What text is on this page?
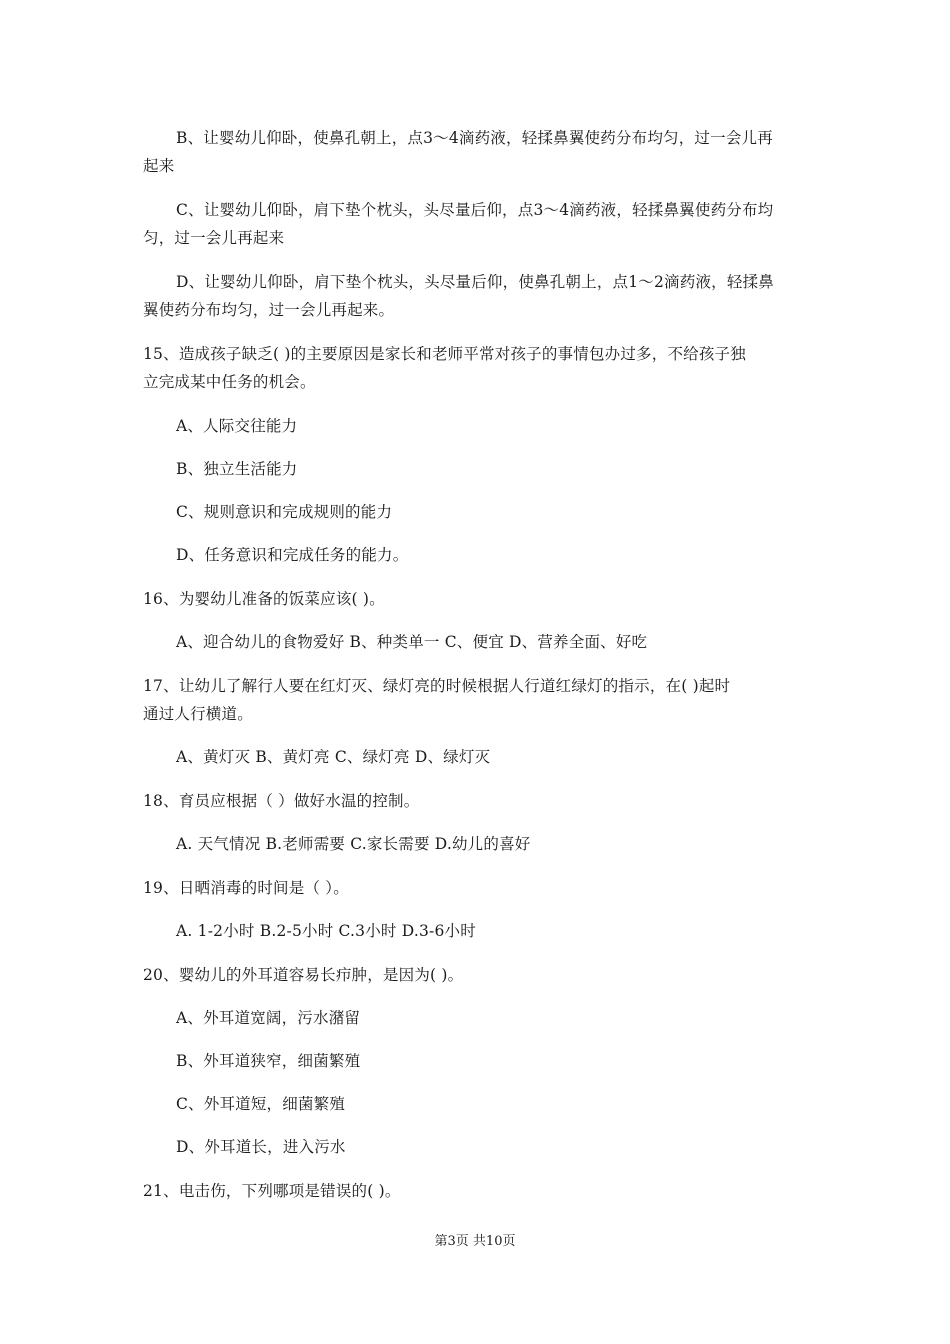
B、让婴幼儿仰卧，使鼻孔朝上，点3～4滴药液，轻揉鼻翼使药分布均匀，过一会儿再
起来
C、让婴幼儿仰卧，肩下垫个枕头，头尽量后仰，点3～4滴药液，轻揉鼻翼使药分布均
匀，过一会儿再起来
D、让婴幼儿仰卧，肩下垫个枕头，头尽量后仰，使鼻孔朝上，点1～2滴药液，轻揉鼻
翼使药分布均匀，过一会儿再起来。
15、造成孩子缺乏( )的主要原因是家长和老师平常对孩子的事情包办过多，不给孩子独
立完成某中任务的机会。
A、人际交往能力
B、独立生活能力
C、规则意识和完成规则的能力
D、任务意识和完成任务的能力。
16、为婴幼儿准备的饭菜应该( )。
A、迎合幼儿的食物爱好 B、种类单一 C、便宜 D、营养全面、好吃
17、让幼儿了解行人要在红灯灭、绿灯亮的时候根据人行道红绿灯的指示，在( )起时
通过人行横道。
A、黄灯灭 B、黄灯亮 C、绿灯亮 D、绿灯灭
18、育员应根据（ ）做好水温的控制。
A. 天气情况 B.老师需要 C.家长需要 D.幼儿的喜好
19、日晒消毒的时间是（ ）。
A. 1-2小时 B.2-5小时 C.3小时 D.3-6小时
20、婴幼儿的外耳道容易长疖肿，是因为( )。
A、外耳道宽阔，污水潴留
B、外耳道狭窄，细菌繁殖
C、外耳道短，细菌繁殖
D、外耳道长，进入污水
21、电击伤，下列哪项是错误的( )。
第3页 共10页
